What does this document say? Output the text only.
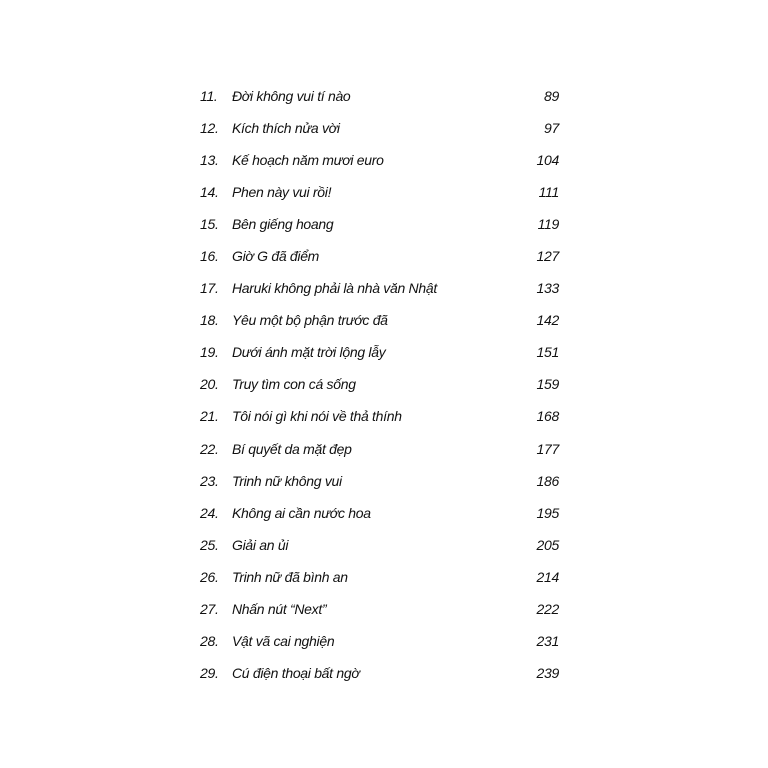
11. Đời không vui tí nào	89
12. Kích thích nửa vời	97
13. Kế hoạch năm mươi euro	104
14. Phen này vui rồi!	111
15. Bên giếng hoang	119
16. Giờ G đã điểm	127
17. Haruki không phải là nhà văn Nhật	133
18. Yêu một bộ phận trước đã	142
19. Dưới ánh mặt trời lộng lẫy	151
20. Truy tìm con cá sống	159
21. Tôi nói gì khi nói về thả thính	168
22. Bí quyết da mặt đẹp	177
23. Trinh nữ không vui	186
24. Không ai cần nước hoa	195
25. Giải an ủi	205
26. Trinh nữ đã bình an	214
27. Nhấn nút “Next”	222
28. Vật vã cai nghiện	231
29. Cú điện thoại bất ngờ	239
